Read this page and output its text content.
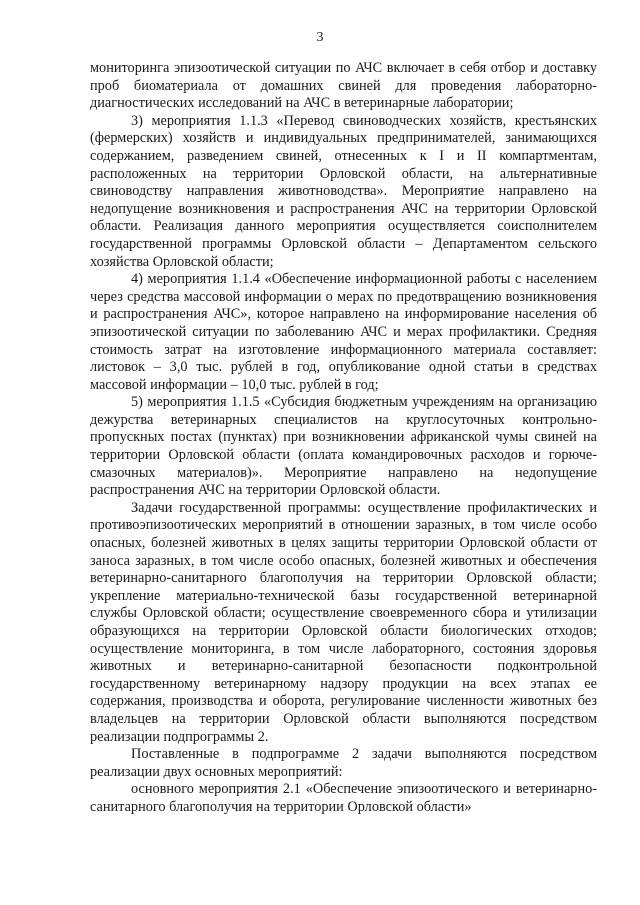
3

мониторинга эпизоотической ситуации по АЧС включает в себя отбор и доставку проб биоматериала от домашних свиней для проведения лабораторно-диагностических исследований на АЧС в ветеринарные лаборатории;

3) мероприятия 1.1.3 «Перевод свиноводческих хозяйств, крестьянских (фермерских) хозяйств и индивидуальных предпринимателей, занимающихся содержанием, разведением свиней, отнесенных к I и II компартментам, расположенных на территории Орловской области, на альтернативные свиноводству направления животноводства». Мероприятие направлено на недопущение возникновения и распространения АЧС на территории Орловской области. Реализация данного мероприятия осуществляется соисполнителем государственной программы Орловской области – Департаментом сельского хозяйства Орловской области;

4) мероприятия 1.1.4 «Обеспечение информационной работы с населением через средства массовой информации о мерах по предотвращению возникновения и распространения АЧС», которое направлено на информирование населения об эпизоотической ситуации по заболеванию АЧС и мерах профилактики. Средняя стоимость затрат на изготовление информационного материала составляет: листовок – 3,0 тыс. рублей в год, опубликование одной статьи в средствах массовой информации – 10,0 тыс. рублей в год;

5) мероприятия 1.1.5 «Субсидия бюджетным учреждениям на организацию дежурства ветеринарных специалистов на круглосуточных контрольно-пропускных постах (пунктах) при возникновении африканской чумы свиней на территории Орловской области (оплата командировочных расходов и горюче-смазочных материалов)». Мероприятие направлено на недопущение распространения АЧС на территории Орловской области.

Задачи государственной программы: осуществление профилактических и противоэпизоотических мероприятий в отношении заразных, в том числе особо опасных, болезней животных в целях защиты территории Орловской области от заноса заразных, в том числе особо опасных, болезней животных и обеспечения ветеринарно-санитарного благополучия на территории Орловской области; укрепление материально-технической базы государственной ветеринарной службы Орловской области; осуществление своевременного сбора и утилизации образующихся на территории Орловской области биологических отходов; осуществление мониторинга, в том числе лабораторного, состояния здоровья животных и ветеринарно-санитарной безопасности подконтрольной государственному ветеринарному надзору продукции на всех этапах ее содержания, производства и оборота, регулирование численности животных без владельцев на территории Орловской области выполняются посредством реализации подпрограммы 2.

Поставленные в подпрограмме 2 задачи выполняются посредством реализации двух основных мероприятий:

основного мероприятия 2.1 «Обеспечение эпизоотического и ветеринарно-санитарного благополучия на территории Орловской области»
